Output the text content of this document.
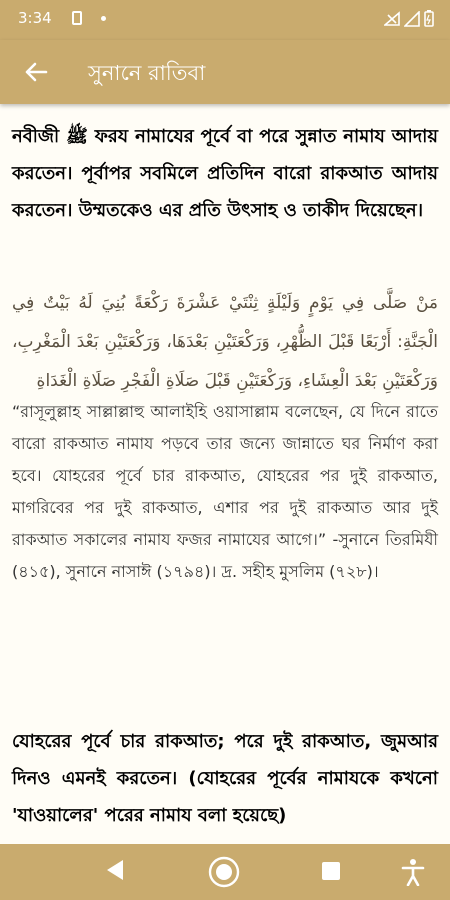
3:34
সুনানে রাতিবা

নবীজী ﷺ ফরয নামাযের পূর্বে বা পরে সুন্নাত নামায আদায় করতেন। পূর্বাপর সবমিলে প্রতিদিন বারো রাকআত আদায় করতেন। উম্মতকেও এর প্রতি উৎসাহ ও তাকীদ দিয়েছেন।

مَنْ صَلَّى فِي يَوْمٍ وَلَيْلَةٍ ثِنْتَيْ عَشْرَةَ رَكْعَةً بُنِيَ لَهُ بَيْتٌ فِي الْجَنَّةِ: أَرْبَعًا قَبْلَ الظُّهْرِ، وَرَكْعَتَيْنِ بَعْدَهَا، وَرَكْعَتَيْنِ بَعْدَ الْمَغْرِبِ، وَرَكْعَتَيْنِ بَعْدَ الْعِشَاءِ، وَرَكْعَتَيْنِ قَبْلَ صَلَاةِ الْفَجْرِ صَلَاةِ الْغَدَاةِ

“রাসূলুল্লাহ সাল্লাল্লাহু আলাইহি ওয়াসাল্লাম বলেছেন, যে দিনে রাতে বারো রাকআত নামায পড়বে তার জন্যে জান্নাতে ঘর নির্মাণ করা হবে। যোহরের পূর্বে চার রাকআত, যোহরের পর দুই রাকআত, মাগরিবের পর দুই রাকআত, এশার পর দুই রাকআত আর দুই রাকআত সকালের নামায ফজর নামাযের আগে।” -সুনানে তিরমিযী (৪১৫), সুনানে নাসাঈ (১৭৯৪)। দ্র. সহীহ মুসলিম (৭২৮)।

যোহরের পূর্বে চার রাকআত; পরে দুই রাকআত, জুমআর দিনও এমনই করতেন। (যোহরের পূর্বের নামাযকে কখনো 'যাওয়ালের' পরের নামায বলা হয়েছে)
